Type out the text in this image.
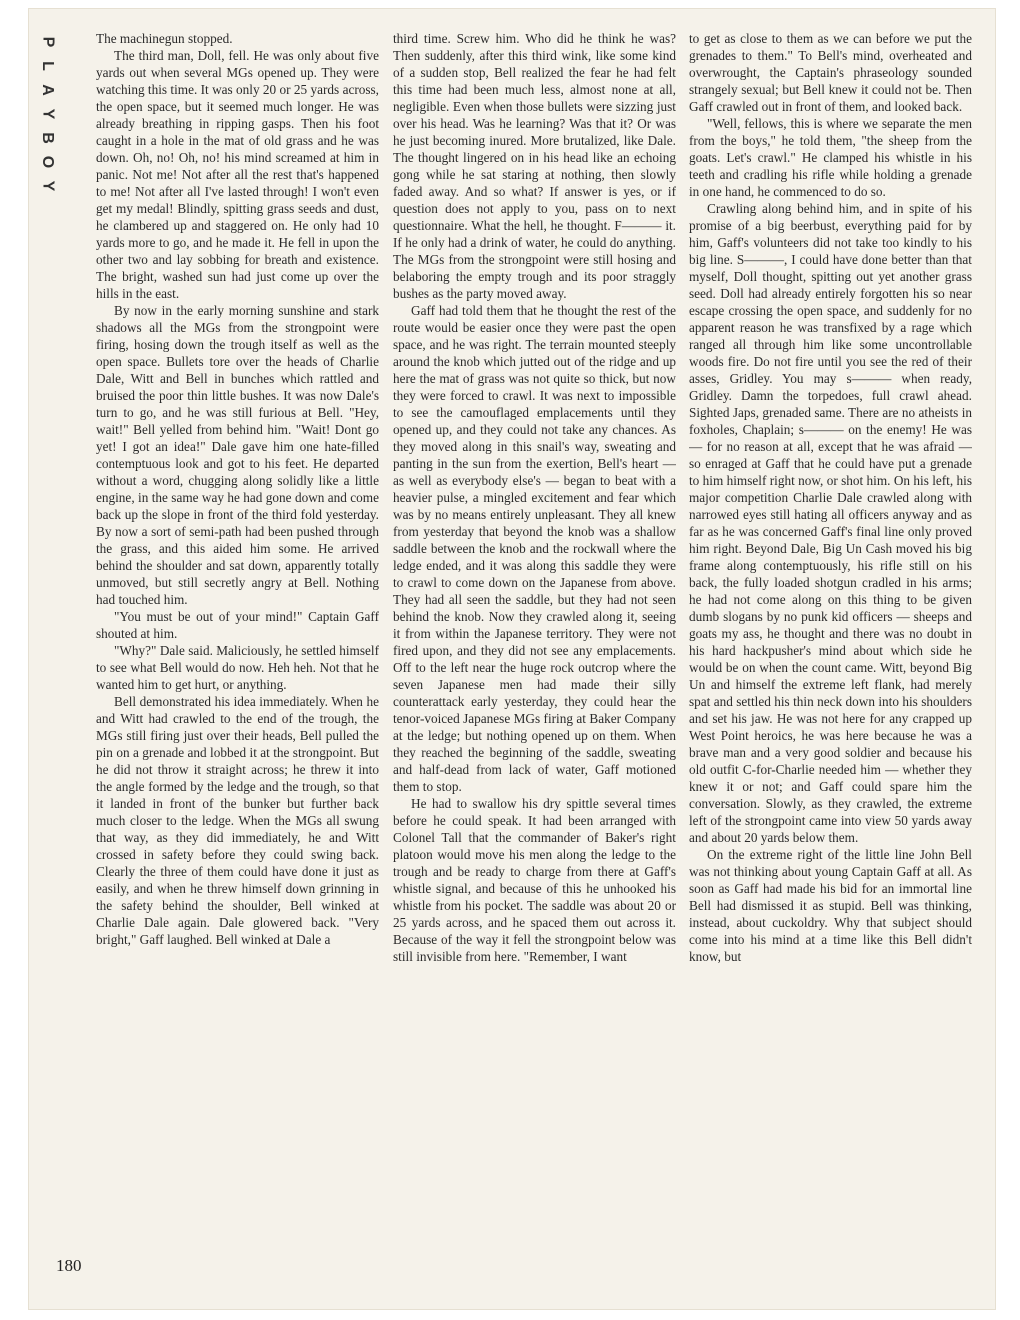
P
L
A
Y
B
O
Y
180

The machinegun stopped.

The third man, Doll, fell. He was only about five yards out when several MGs opened up. They were watching this time. It was only 20 or 25 yards across, the open space, but it seemed much longer. He was already breathing in ripping gasps. Then his foot caught in a hole in the mat of old grass and he was down. Oh, no! Oh, no! his mind screamed at him in panic. Not me! Not after all the rest that's happened to me! Not after all I've lasted through! I won't even get my medal! Blindly, spitting grass seeds and dust, he clambered up and staggered on. He only had 10 yards more to go, and he made it. He fell in upon the other two and lay sobbing for breath and existence. The bright, washed sun had just come up over the hills in the east.

By now in the early morning sunshine and stark shadows all the MGs from the strongpoint were firing, hosing down the trough itself as well as the open space. Bullets tore over the heads of Charlie Dale, Witt and Bell in bunches which rattled and bruised the poor thin little bushes. It was now Dale's turn to go, and he was still furious at Bell. "Hey, wait!" Bell yelled from behind him. "Wait! Dont go yet! I got an idea!" Dale gave him one hate-filled contemptuous look and got to his feet. He departed without a word, chugging along solidly like a little engine, in the same way he had gone down and come back up the slope in front of the third fold yesterday. By now a sort of semi-path had been pushed through the grass, and this aided him some. He arrived behind the shoulder and sat down, apparently totally unmoved, but still secretly angry at Bell. Nothing had touched him.

"You must be out of your mind!" Captain Gaff shouted at him.

"Why?" Dale said. Maliciously, he settled himself to see what Bell would do now. Heh heh. Not that he wanted him to get hurt, or anything.

Bell demonstrated his idea immediately. When he and Witt had crawled to the end of the trough, the MGs still firing just over their heads, Bell pulled the pin on a grenade and lobbed it at the strongpoint. But he did not throw it straight across; he threw it into the angle formed by the ledge and the trough, so that it landed in front of the bunker but further back much closer to the ledge. When the MGs all swung that way, as they did immediately, he and Witt crossed in safety before they could swing back. Clearly the three of them could have done it just as easily, and when he threw himself down grinning in the safety behind the shoulder, Bell winked at Charlie Dale again. Dale glowered back. "Very bright," Gaff laughed. Bell winked at Dale a

third time. Screw him. Who did he think he was? Then suddenly, after this third wink, like some kind of a sudden stop, Bell realized the fear he had felt this time had been much less, almost none at all, negligible. Even when those bullets were sizzing just over his head. Was he learning? Was that it? Or was he just becoming inured. More brutalized, like Dale. The thought lingered on in his head like an echoing gong while he sat staring at nothing, then slowly faded away. And so what? If answer is yes, or if question does not apply to you, pass on to next questionnaire. What the hell, he thought. F——— it. If he only had a drink of water, he could do anything. The MGs from the strongpoint were still hosing and belaboring the empty trough and its poor straggly bushes as the party moved away.

Gaff had told them that he thought the rest of the route would be easier once they were past the open space, and he was right. The terrain mounted steeply around the knob which jutted out of the ridge and up here the mat of grass was not quite so thick, but now they were forced to crawl. It was next to impossible to see the camouflaged emplacements until they opened up, and they could not take any chances. As they moved along in this snail's way, sweating and panting in the sun from the exertion, Bell's heart — as well as everybody else's — began to beat with a heavier pulse, a mingled excitement and fear which was by no means entirely unpleasant. They all knew from yesterday that beyond the knob was a shallow saddle between the knob and the rockwall where the ledge ended, and it was along this saddle they were to crawl to come down on the Japanese from above. They had all seen the saddle, but they had not seen behind the knob. Now they crawled along it, seeing it from within the Japanese territory. They were not fired upon, and they did not see any emplacements. Off to the left near the huge rock outcrop where the seven Japanese men had made their silly counterattack early yesterday, they could hear the tenor-voiced Japanese MGs firing at Baker Company at the ledge; but nothing opened up on them. When they reached the beginning of the saddle, sweating and half-dead from lack of water, Gaff motioned them to stop.

He had to swallow his dry spittle several times before he could speak. It had been arranged with Colonel Tall that the commander of Baker's right platoon would move his men along the ledge to the trough and be ready to charge from there at Gaff's whistle signal, and because of this he unhooked his whistle from his pocket. The saddle was about 20 or 25 yards across, and he spaced them out across it. Because of the way it fell the strongpoint below was still invisible from here. "Remember, I want

to get as close to them as we can before we put the grenades to them." To Bell's mind, overheated and overwrought, the Captain's phraseology sounded strangely sexual; but Bell knew it could not be. Then Gaff crawled out in front of them, and looked back.

"Well, fellows, this is where we separate the men from the boys," he told them, "the sheep from the goats. Let's crawl." He clamped his whistle in his teeth and cradling his rifle while holding a grenade in one hand, he commenced to do so.

Crawling along behind him, and in spite of his promise of a big beerbust, everything paid for by him, Gaff's volunteers did not take too kindly to his big line. S———, I could have done better than that myself, Doll thought, spitting out yet another grass seed. Doll had already entirely forgotten his so near escape crossing the open space, and suddenly for no apparent reason he was transfixed by a rage which ranged all through him like some uncontrollable woods fire. Do not fire until you see the red of their asses, Gridley. You may s——— when ready, Gridley. Damn the torpedoes, full crawl ahead. Sighted Japs, grenaded same. There are no atheists in foxholes, Chaplain; s——— on the enemy! He was — for no reason at all, except that he was afraid — so enraged at Gaff that he could have put a grenade to him himself right now, or shot him. On his left, his major competition Charlie Dale crawled along with narrowed eyes still hating all officers anyway and as far as he was concerned Gaff's final line only proved him right. Beyond Dale, Big Un Cash moved his big frame along contemptuously, his rifle still on his back, the fully loaded shotgun cradled in his arms; he had not come along on this thing to be given dumb slogans by no punk kid officers — sheeps and goats my ass, he thought and there was no doubt in his hard hackpusher's mind about which side he would be on when the count came. Witt, beyond Big Un and himself the extreme left flank, had merely spat and settled his thin neck down into his shoulders and set his jaw. He was not here for any crapped up West Point heroics, he was here because he was a brave man and a very good soldier and because his old outfit C-for-Charlie needed him — whether they knew it or not; and Gaff could spare him the conversation. Slowly, as they crawled, the extreme left of the strongpoint came into view 50 yards away and about 20 yards below them.

On the extreme right of the little line John Bell was not thinking about young Captain Gaff at all. As soon as Gaff had made his bid for an immortal line Bell had dismissed it as stupid. Bell was thinking, instead, about cuckoldry. Why that subject should come into his mind at a time like this Bell didn't know, but
